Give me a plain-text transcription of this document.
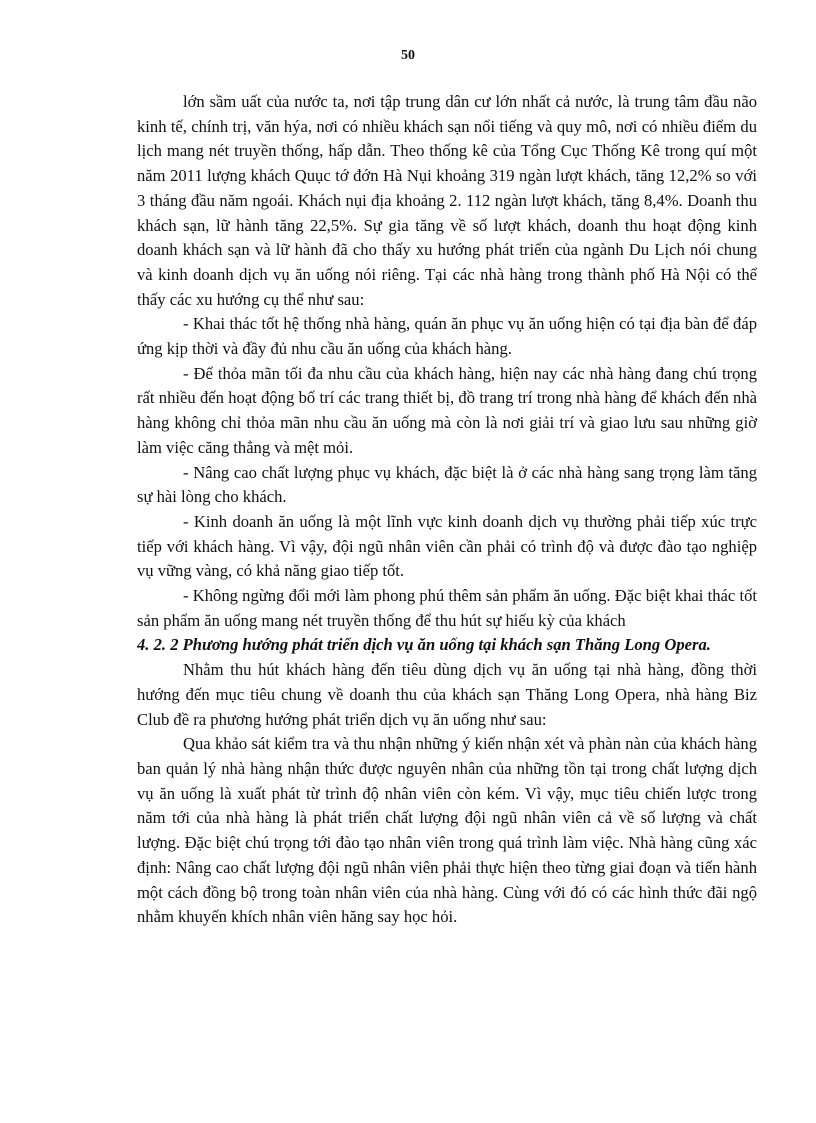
50

lớn sầm uất của nước ta, nơi tập trung dân cư lớn nhất cả nước, là trung tâm đầu não kinh tế, chính trị, văn hýa, nơi có nhiều khách sạn nổi tiếng và quy mô, nơi có nhiều điểm du lịch mang nét truyền thống, hấp dẫn. Theo thống kê của Tổng Cục Thống Kê trong quí một năm 2011 lượng khách Quục tớ đớn Hà Nụi khoảng 319 ngàn lượt khách, tăng 12,2% so với 3 tháng đầu năm ngoái. Khách nụi địa khoảng 2. 112 ngàn lượt khách, tăng 8,4%. Doanh thu khách sạn, lữ hành tăng 22,5%. Sự gia tăng về số lượt khách, doanh thu hoạt động kinh doanh khách sạn và lữ hành đã cho thấy xu hướng phát triển của ngành Du Lịch nói chung và kinh doanh dịch vụ ăn uống nói riêng. Tại các nhà hàng trong thành phố Hà Nội có thể thấy các xu hướng cụ thể như sau:

- Khai thác tốt hệ thống nhà hàng, quán ăn phục vụ ăn uống hiện có tại địa bàn để đáp ứng kịp thời và đầy đủ nhu cầu ăn uống của khách hàng.

- Để thỏa mãn tối đa nhu cầu của khách hàng, hiện nay các nhà hàng đang chú trọng rất nhiều đến hoạt động bố trí các trang thiết bị, đồ trang trí trong nhà hàng để khách đến nhà hàng không chỉ thỏa mãn nhu cầu ăn uống mà còn là nơi giải trí và giao lưu sau những giờ làm việc căng thẳng và mệt mỏi.

- Nâng cao chất lượng phục vụ khách, đặc biệt là ở các nhà hàng sang trọng làm tăng sự hài lòng cho khách.

- Kinh doanh ăn uống là một lĩnh vực kinh doanh dịch vụ thường phải tiếp xúc trực tiếp với khách hàng. Vì vậy, đội ngũ nhân viên cần phải có trình độ và được đào tạo nghiệp vụ vững vàng, có khả năng giao tiếp tốt.

- Không ngừng đổi mới làm phong phú thêm sản phẩm ăn uống. Đặc biệt khai thác tốt sản phẩm ăn uống mang nét truyền thống để thu hút sự hiếu kỳ của khách

4. 2. 2 Phương hướng phát triển dịch vụ ăn uống tại khách sạn Thăng Long Opera.

Nhằm thu hút khách hàng đến tiêu dùng dịch vụ ăn uống tại nhà hàng, đồng thời hướng đến mục tiêu chung về doanh thu của khách sạn Thăng Long Opera, nhà hàng Biz Club đề ra phương hướng phát triển dịch vụ ăn uống như sau:

Qua khảo sát kiểm tra và thu nhận những ý kiến nhận xét và phàn nàn của khách hàng ban quản lý nhà hàng nhận thức được nguyên nhân của những tồn tại trong chất lượng dịch vụ ăn uống là xuất phát từ trình độ nhân viên còn kém. Vì vậy, mục tiêu chiến lược trong năm tới của nhà hàng là phát triển chất lượng đội ngũ nhân viên cả về số lượng và chất lượng. Đặc biệt chú trọng tới đào tạo nhân viên trong quá trình làm việc. Nhà hàng cũng xác định: Nâng cao chất lượng đội ngũ nhân viên phải thực hiện theo từng giai đoạn và tiến hành một cách đồng bộ trong toàn nhân viên của nhà hàng. Cùng với đó có các hình thức đãi ngộ nhằm khuyến khích nhân viên hăng say học hỏi.
